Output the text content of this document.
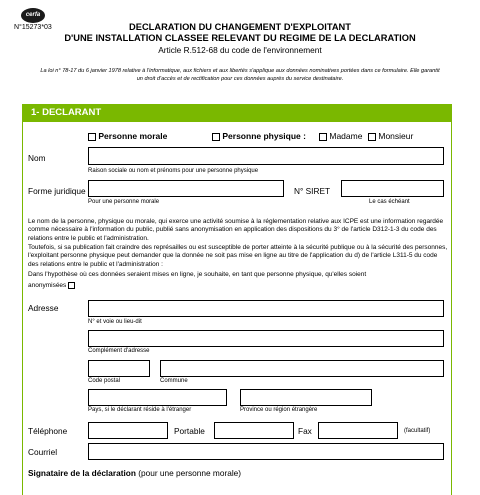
cerfa
N°15273*03	DECLARATION DU CHANGEMENT D'EXPLOITANT
D'UNE INSTALLATION CLASSEE RELEVANT DU REGIME DE LA DECLARATION
Article R.512-68 du code de l'environnement
La loi n° 78-17 du 6 janvier 1978 relative à l'informatique, aux fichiers et aux libertés s'applique aux données nominatives portées dans ce formulaire. Elle garantit un droit d'accès et de rectification pour ces données auprès du service destinataire.
1- DECLARANT
Personne morale	Personne physique :	Madame	Monsieur
Nom
Raison sociale ou nom et prénoms pour une personne physique
Forme juridique
Pour une personne morale
N° SIRET
Le cas échéant
Le nom de la personne, physique ou morale, qui exerce une activité soumise à la réglementation relative aux ICPE est une information regardée comme nécessaire à l'information du public, publié sans anonymisation en application des dispositions du 3° de l'article D312-1-3 du code des relations entre le public et l'administration.
Toutefois, si sa publication fait craindre des représailles ou est susceptible de porter atteinte à la sécurité publique ou à la sécurité des personnes, l'exploitant personne physique peut demander que la donnée ne soit pas mise en ligne au titre de l'application du d) de l'article L311-5 du code des relations entre le public et l'administration :
Dans l'hypothèse où ces données seraient mises en ligne, je souhaite, en tant que personne physique, qu'elles soient
anonymisées
Adresse
N° et voie ou lieu-dit
Complément d'adresse
Code postal	Commune
Pays, si le déclarant réside à l'étranger	Province ou région étrangère
Téléphone	Portable	Fax	(facultatif)
Courriel
Signataire de la déclaration (pour une personne morale)
